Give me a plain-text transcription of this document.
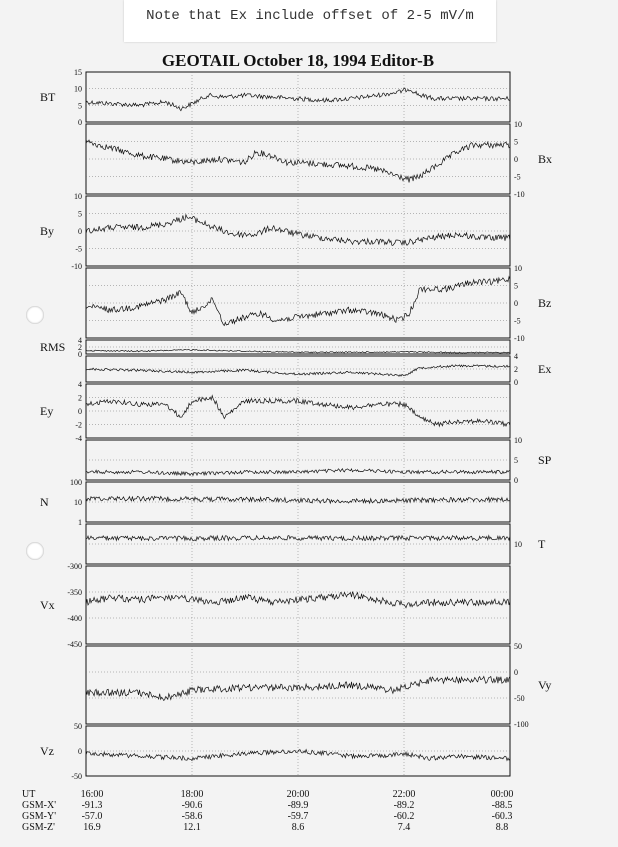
Note that Ex include offset of 2-5 mV/m
GEOTAIL October 18, 1994 Editor-B
15
10
5
0
BT
10
5
0
-5
-10
Bx
10
5
0
-5
-10
By
10
5
0
-5
-10
Bz
4
2
0
RMS
4
2
0
Ex
4
2
0
-2
-4
Ey
10
5
0
SP
100
10
1
N
10 T
-300
-350
-400
-450
Vx
50
0
-50
-100
Vy
50
0
-50
Vz
UT
GSM-X'
GSM-Y'
GSM-Z'
16:00
-91.3
-57.0
16.9
18:00
-90.6
-58.6
12.1
20:00
-89.9
-59.7
8.6
22:00
-89.2
-60.2
7.4
00:00
-88.5
-60.3
8.8
